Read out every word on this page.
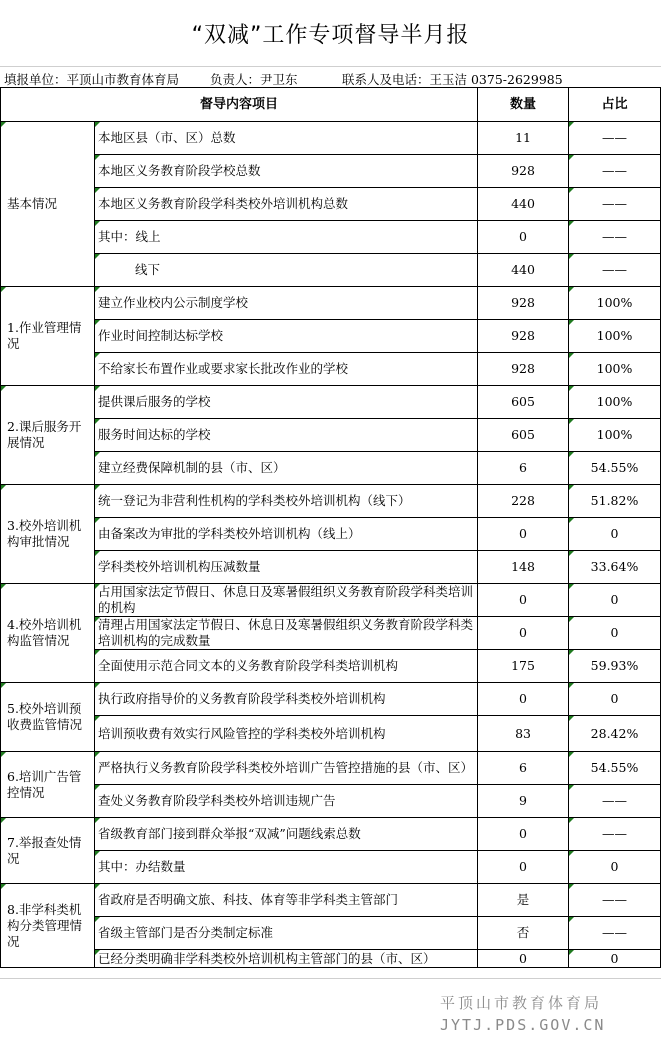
“双减”工作专项督导半月报
填报单位：平顶山市教育体育局 负责人：尹卫东	联系人及电话：王玉洁 0375-2629985
督导内容项目		数量	占比
基本情况	本地区县（市、区）总数	11	——

	本地区义务教育阶段学校总数	928	——

	本地区义务教育阶段学科类校外培训机构总数	440	——

	其中：线上	0	——

	线下	440	——

1.作业管理情况	建立作业校内公示制度学校	928	100%

	作业时间控制达标学校	928	100%

	不给家长布置作业或要求家长批改作业的学校	928	100%

2.课后服务开展情况	提供课后服务的学校	605	100%

	服务时间达标的学校	605	100%

	建立经费保障机制的县（市、区）	6	54.55%

3.校外培训机构审批情况	统一登记为非营利性机构的学科类校外培训机构（线下）	228	51.82%

	由备案改为审批的学科类校外培训机构（线上）	0	0

	学科类校外培训机构压减数量	148	33.64%

4.校外培训机构监管情况	占用国家法定节假日、休息日及寒暑假组织义务教育阶段学科类培训的机构	0	0

	清理占用国家法定节假日、休息日及寒暑假组织义务教育阶段学科类培训机构的完成数量	0	0

	全面使用示范合同文本的义务教育阶段学科类培训机构	175	59.93%

5.校外培训预收费监管情况	执行政府指导价的义务教育阶段学科类校外培训机构	0	0

	培训预收费有效实行风险管控的学科类校外培训机构	83	28.42%

6.培训广告管控情况	严格执行义务教育阶段学科类校外培训广告管控措施的县（市、区）	6	54.55%

	查处义务教育阶段学科类校外培训违规广告	9	——

7.举报查处情况	省级教育部门接到群众举报“双减”问题线索总数	0	——

	其中：办结数量	0	0

8.非学科类机构分类管理情况	省政府是否明确文旅、科技、体育等非学科类主管部门	是	——

	省级主管部门是否分类制定标准	否	——

	已经分类明确非学科类校外培训机构主管部门的县（市、区）	0	0
平顶山市教育体育局
JYTJ.PDS.GOV.CN
